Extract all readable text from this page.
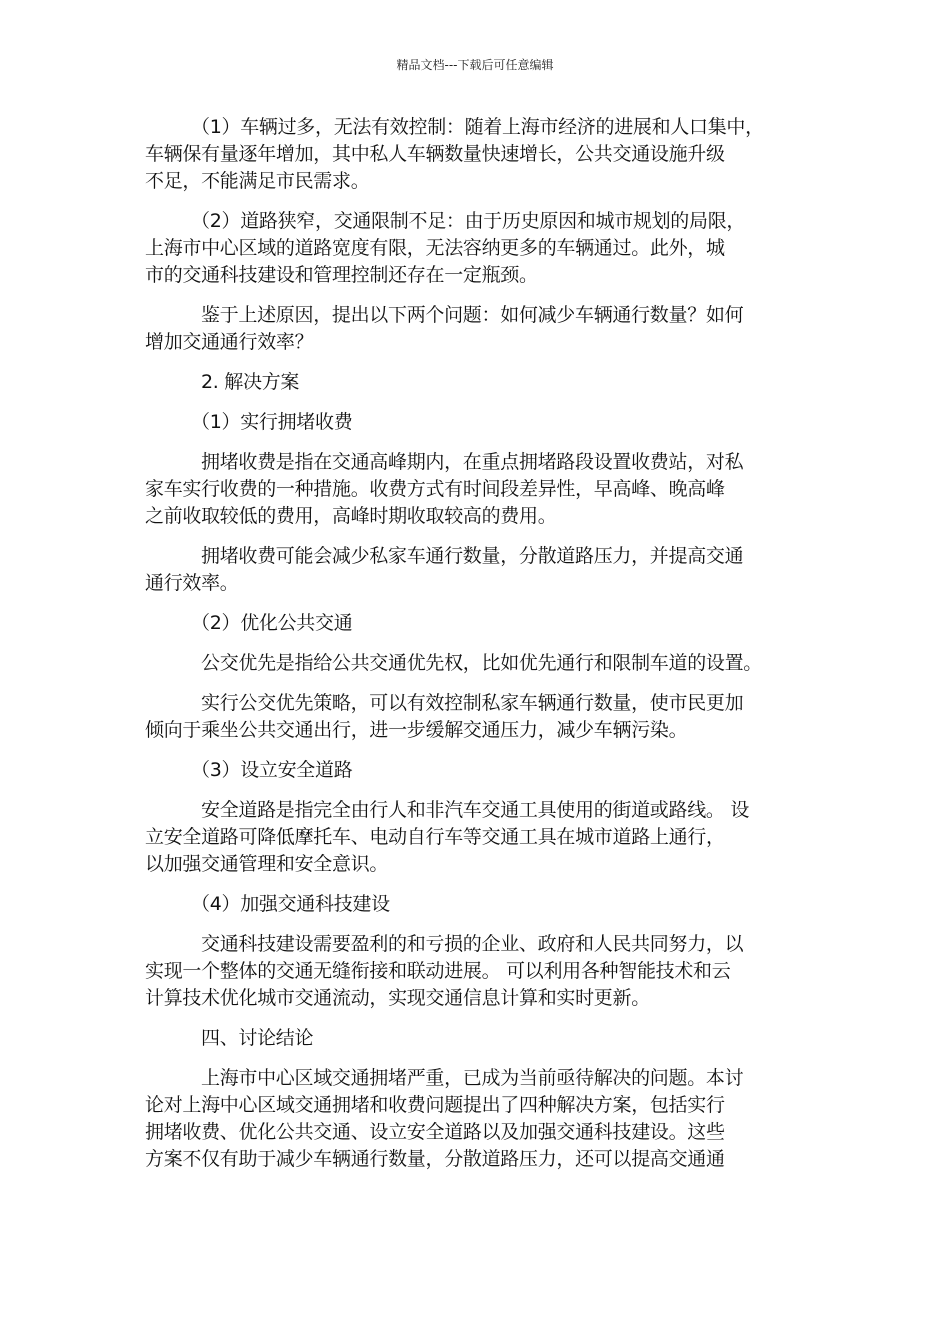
精品文档---下载后可任意编辑

（1）车辆过多，无法有效控制：随着上海市经济的进展和人口集中，
车辆保有量逐年增加，其中私人车辆数量快速增长，公共交通设施升级
不足，不能满足市民需求。

（2）道路狭窄，交通限制不足：由于历史原因和城市规划的局限，
上海市中心区域的道路宽度有限，无法容纳更多的车辆通过。此外，城
市的交通科技建设和管理控制还存在一定瓶颈。

鉴于上述原因，提出以下两个问题：如何减少车辆通行数量？如何
增加交通通行效率？

2. 解决方案

（1）实行拥堵收费

拥堵收费是指在交通高峰期内，在重点拥堵路段设置收费站，对私
家车实行收费的一种措施。收费方式有时间段差异性，早高峰、晚高峰
之前收取较低的费用，高峰时期收取较高的费用。

拥堵收费可能会减少私家车通行数量，分散道路压力，并提高交通
通行效率。

（2）优化公共交通

公交优先是指给公共交通优先权，比如优先通行和限制车道的设置。

实行公交优先策略，可以有效控制私家车辆通行数量，使市民更加
倾向于乘坐公共交通出行，进一步缓解交通压力，减少车辆污染。

（3）设立安全道路

安全道路是指完全由行人和非汽车交通工具使用的街道或路线。 设
立安全道路可降低摩托车、电动自行车等交通工具在城市道路上通行，
以加强交通管理和安全意识。

（4）加强交通科技建设

交通科技建设需要盈利的和亏损的企业、政府和人民共同努力，以
实现一个整体的交通无缝衔接和联动进展。 可以利用各种智能技术和云
计算技术优化城市交通流动，实现交通信息计算和实时更新。

四、讨论结论

上海市中心区域交通拥堵严重，已成为当前亟待解决的问题。本讨
论对上海中心区域交通拥堵和收费问题提出了四种解决方案，包括实行
拥堵收费、优化公共交通、设立安全道路以及加强交通科技建设。这些
方案不仅有助于减少车辆通行数量，分散道路压力，还可以提高交通通
